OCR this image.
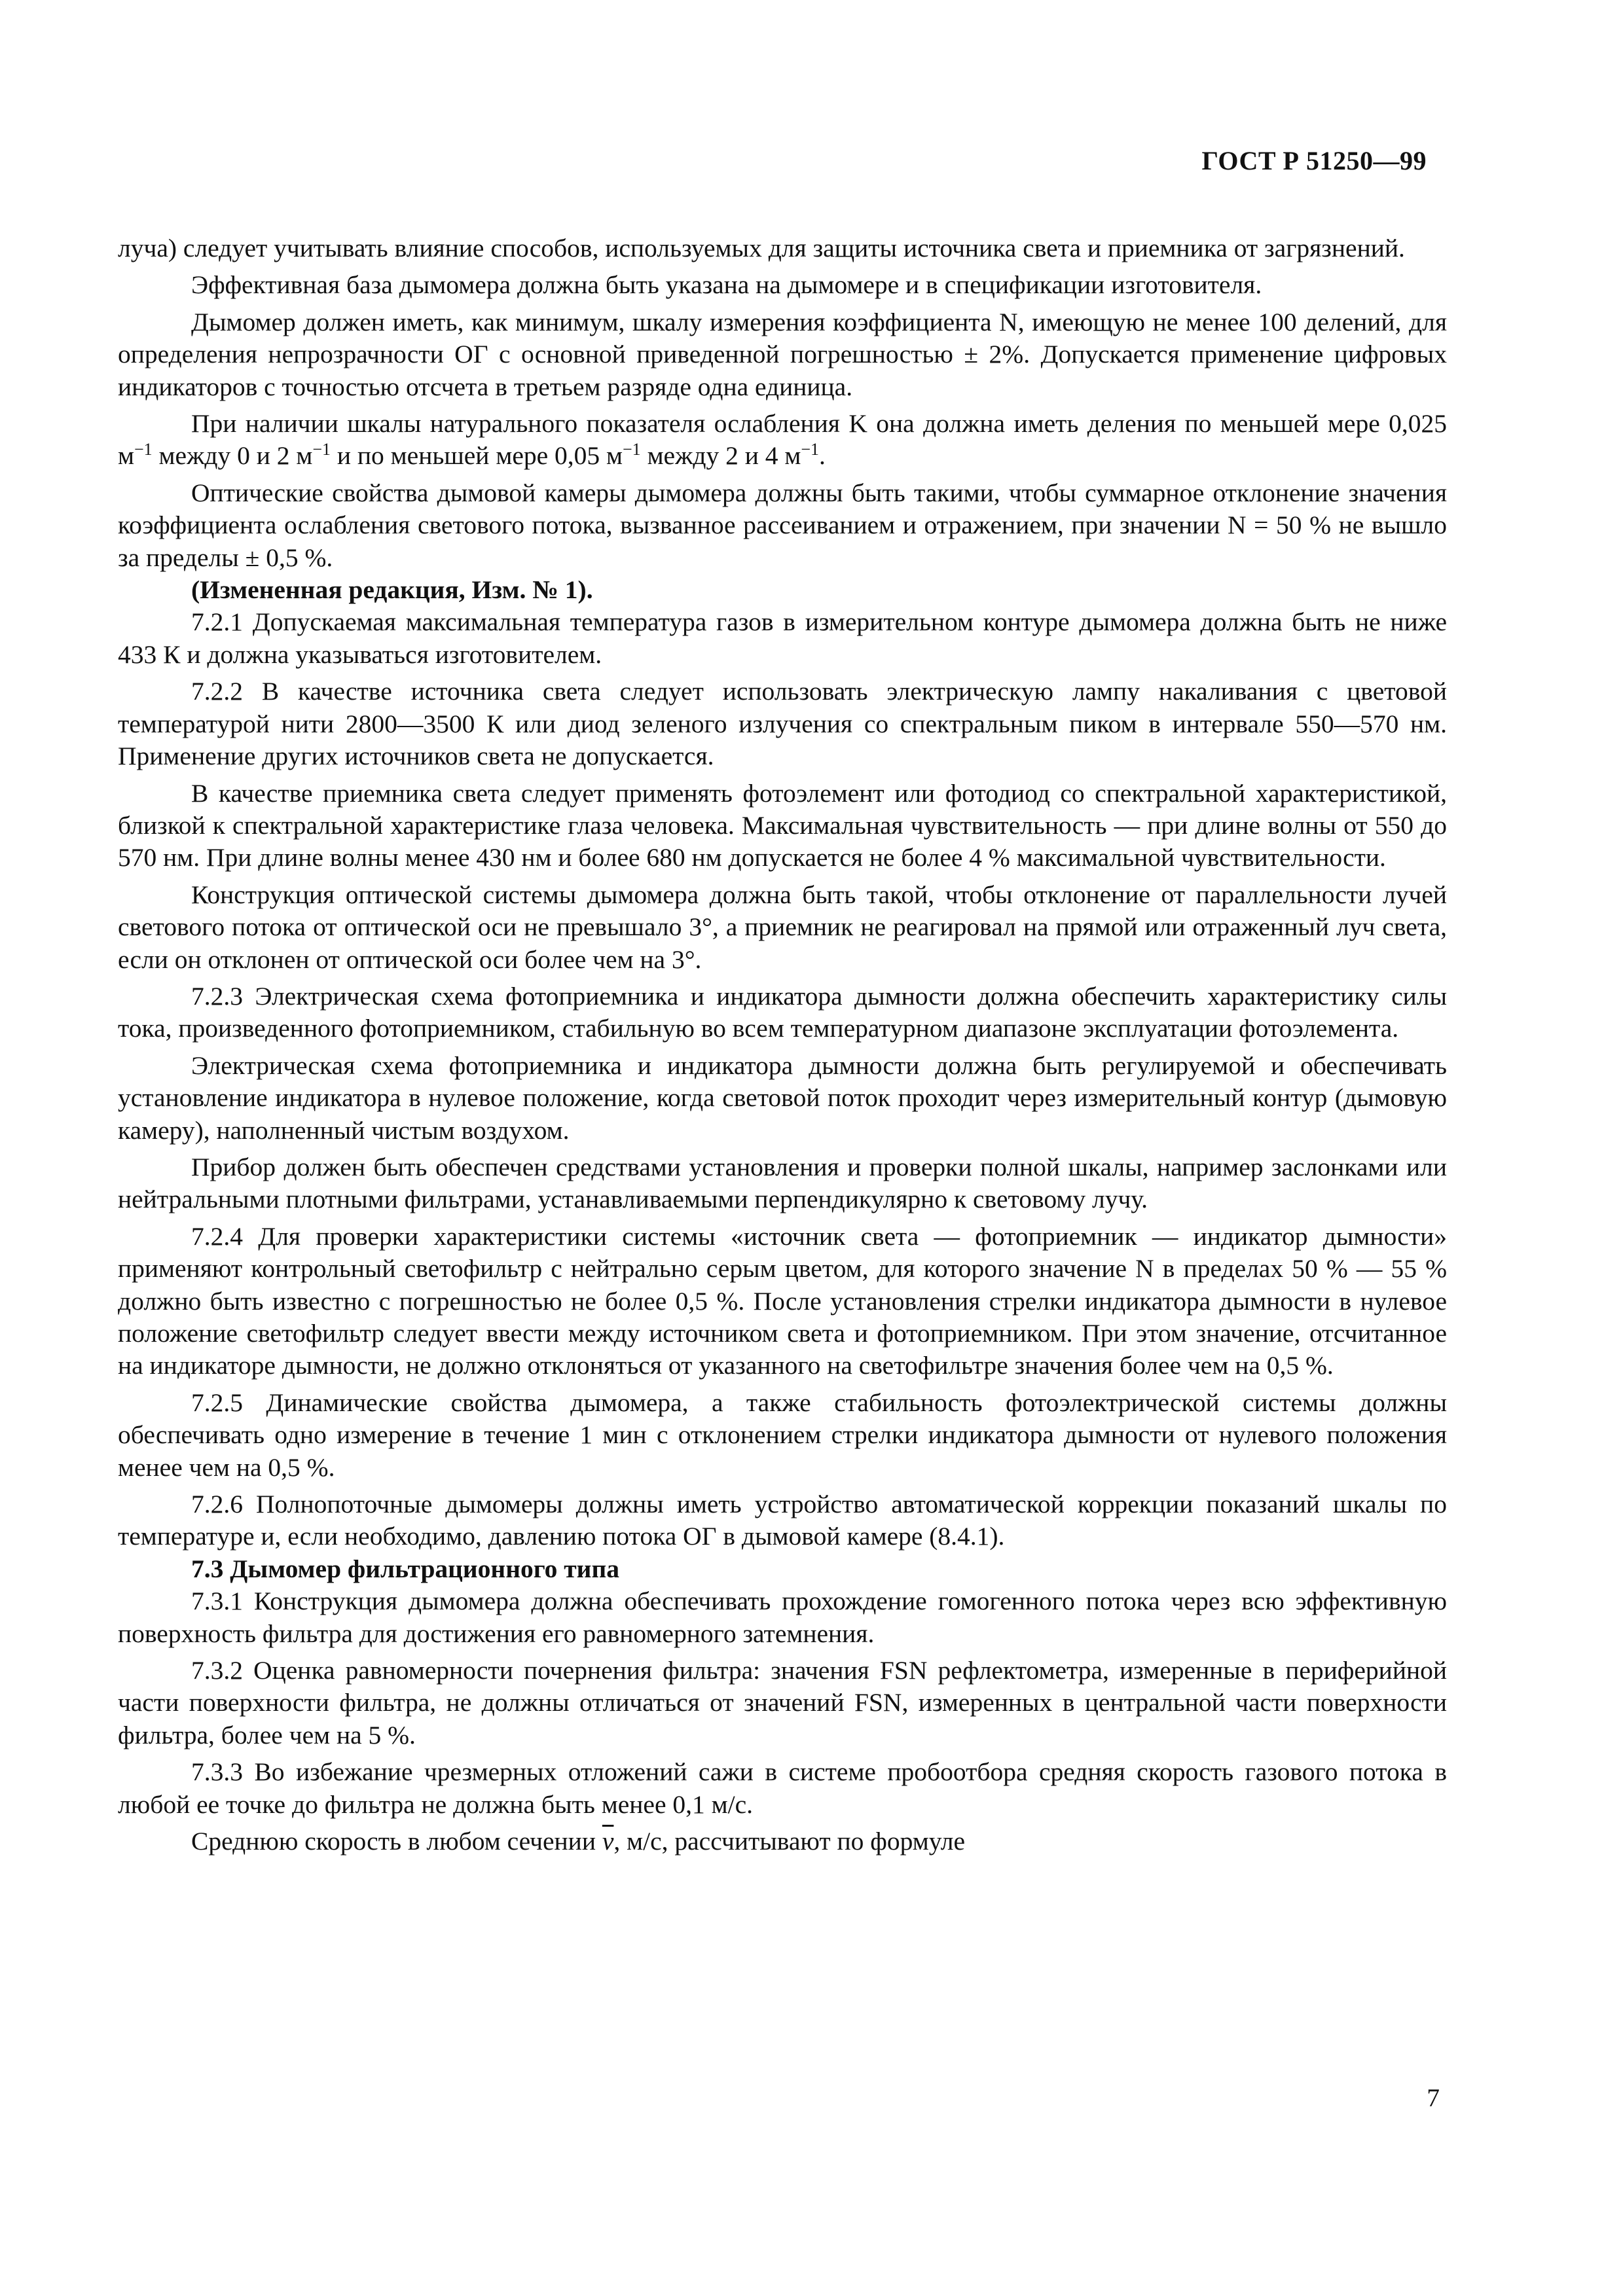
ГОСТ Р 51250—99

луча) следует учитывать влияние способов, используемых для защиты источника света и приемника от загрязнений.

Эффективная база дымомера должна быть указана на дымомере и в спецификации изготовителя.

Дымомер должен иметь, как минимум, шкалу измерения коэффициента N, имеющую не менее 100 делений, для определения непрозрачности ОГ с основной приведенной погрешностью ± 2%. Допускается применение цифровых индикаторов с точностью отсчета в третьем разряде одна единица.

При наличии шкалы натурального показателя ослабления K она должна иметь деления по меньшей мере 0,025 $м^{-1}$ между 0 и 2 $м^{-1}$ и по меньшей мере 0,05 $м^{-1}$ между 2 и 4 $м^{-1}$.

Оптические свойства дымовой камеры дымомера должны быть такими, чтобы суммарное отклонение значения коэффициента ослабления светового потока, вызванное рассеиванием и отражением, при значении N = 50 % не вышло за пределы ± 0,5 %.

(Измененная редакция, Изм. № 1).

7.2.1 Допускаемая максимальная температура газов в измерительном контуре дымомера должна быть не ниже 433 К и должна указываться изготовителем.

7.2.2 В качестве источника света следует использовать электрическую лампу накаливания с цветовой температурой нити 2800—3500 К или диод зеленого излучения со спектральным пиком в интервале 550—570 нм. Применение других источников света не допускается.

В качестве приемника света следует применять фотоэлемент или фотодиод со спектральной характеристикой, близкой к спектральной характеристике глаза человека. Максимальная чувствительность — при длине волны от 550 до 570 нм. При длине волны менее 430 нм и более 680 нм допускается не более 4 % максимальной чувствительности.

Конструкция оптической системы дымомера должна быть такой, чтобы отклонение от параллельности лучей светового потока от оптической оси не превышало 3°, а приемник не реагировал на прямой или отраженный луч света, если он отклонен от оптической оси более чем на 3°.

7.2.3 Электрическая схема фотоприемника и индикатора дымности должна обеспечить характеристику силы тока, произведенного фотоприемником, стабильную во всем температурном диапазоне эксплуатации фотоэлемента.

Электрическая схема фотоприемника и индикатора дымности должна быть регулируемой и обеспечивать установление индикатора в нулевое положение, когда световой поток проходит через измерительный контур (дымовую камеру), наполненный чистым воздухом.

Прибор должен быть обеспечен средствами установления и проверки полной шкалы, например заслонками или нейтральными плотными фильтрами, устанавливаемыми перпендикулярно к световому лучу.

7.2.4 Для проверки характеристики системы «источник света — фотоприемник — индикатор дымности» применяют контрольный светофильтр с нейтрально серым цветом, для которого значение N в пределах 50 % — 55 % должно быть известно с погрешностью не более 0,5 %. После установления стрелки индикатора дымности в нулевое положение светофильтр следует ввести между источником света и фотоприемником. При этом значение, отсчитанное на индикаторе дымности, не должно отклоняться от указанного на светофильтре значения более чем на 0,5 %.

7.2.5 Динамические свойства дымомера, а также стабильность фотоэлектрической системы должны обеспечивать одно измерение в течение 1 мин с отклонением стрелки индикатора дымности от нулевого положения менее чем на 0,5 %.

7.2.6 Полнопоточные дымомеры должны иметь устройство автоматической коррекции показаний шкалы по температуре и, если необходимо, давлению потока ОГ в дымовой камере (8.4.1).

7.3 Дымомер фильтрационного типа

7.3.1 Конструкция дымомера должна обеспечивать прохождение гомогенного потока через всю эффективную поверхность фильтра для достижения его равномерного затемнения.

7.3.2 Оценка равномерности почернения фильтра: значения FSN рефлектометра, измеренные в периферийной части поверхности фильтра, не должны отличаться от значений FSN, измеренных в центральной части поверхности фильтра, более чем на 5 %.

7.3.3 Во избежание чрезмерных отложений сажи в системе пробоотбора средняя скорость газового потока в любой ее точке до фильтра не должна быть менее 0,1 м/с.

Среднюю скорость в любом сечении $\overline{v}$, м/с, рассчитывают по формуле

7
